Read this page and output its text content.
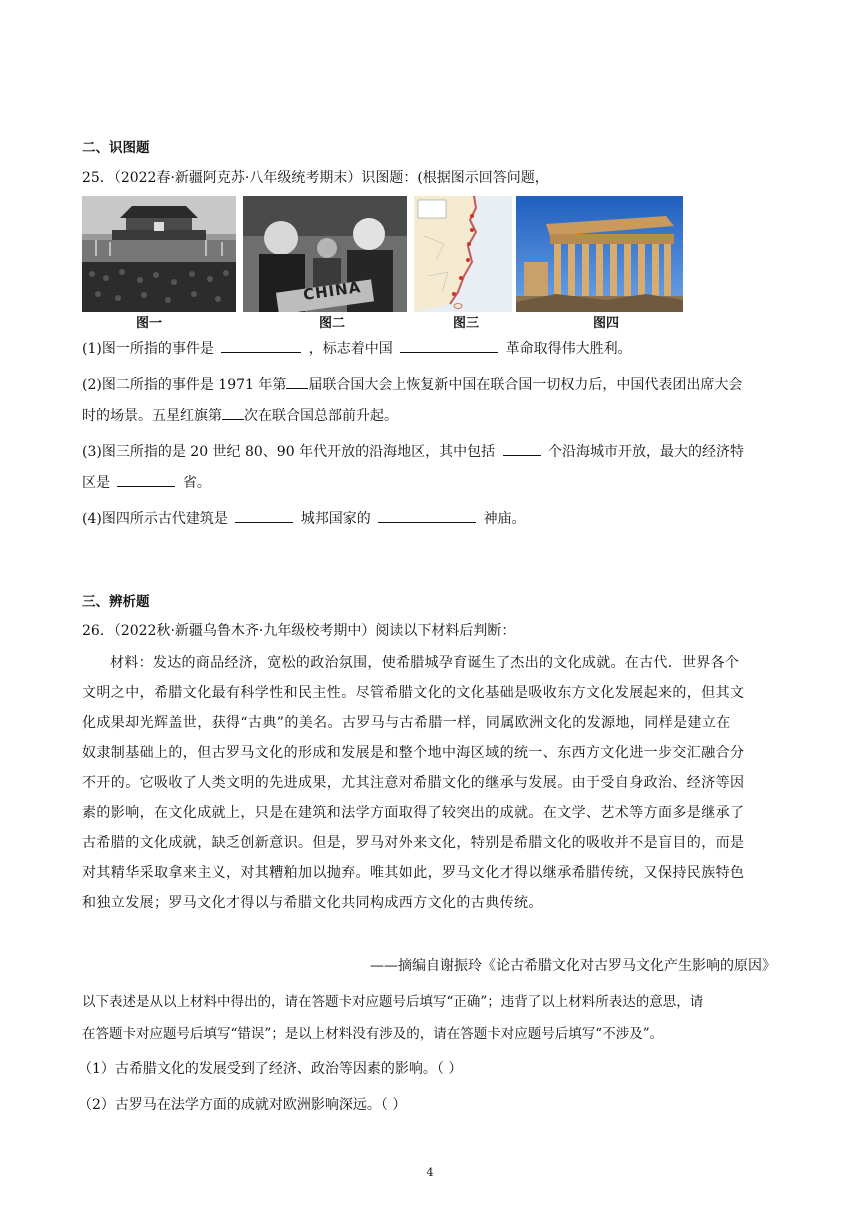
二、识图题
25．（2022春·新疆阿克苏·八年级统考期末）识图题：(根据图示回答问题，
CHINA
图一	图二	图三	图四
(1)图一所指的事件是	，标志着中国	革命取得伟大胜利。
(2)图二所指的事件是 1971 年第 届联合国大会上恢复新中国在联合国一切权力后，中国代表团出席大会
时的场景。五星红旗第 次在联合国总部前升起。
(3)图三所指的是 20 世纪 80、90 年代开放的沿海地区，其中包括	个沿海城市开放，最大的经济特
区是	省。
(4)图四所示古代建筑是	城邦国家的	神庙。
三、辨析题
26．（2022秋·新疆乌鲁木齐·九年级校考期中）阅读以下材料后判断：
材料：发达的商品经济，宽松的政治氛围，使希腊城孕育诞生了杰出的文化成就。在古代．世界各个
文明之中，希腊文化最有科学性和民主性。尽管希腊文化的文化基础是吸收东方文化发展起来的，但其文
化成果却光辉盖世，获得“古典”的美名。古罗马与古希腊一样，同属欧洲文化的发源地，同样是建立在
奴隶制基础上的，但古罗马文化的形成和发展是和整个地中海区域的统一、东西方文化进一步交汇融合分
不开的。它吸收了人类文明的先进成果，尤其注意对希腊文化的继承与发展。由于受自身政治、经济等因
素的影响，在文化成就上，只是在建筑和法学方面取得了较突出的成就。在文学、艺术等方面多是继承了
古希腊的文化成就，缺乏创新意识。但是，罗马对外来文化，特别是希腊文化的吸收并不是盲目的，而是
对其精华采取拿来主义，对其糟粕加以抛弃。唯其如此，罗马文化才得以继承希腊传统，又保持民族特色
和独立发展；罗马文化才得以与希腊文化共同构成西方文化的古典传统。
——摘编自谢振玲《论古希腊文化对古罗马文化产生影响的原因》
以下表述是从以上材料中得出的，请在答题卡对应题号后填写“正确”；违背了以上材料所表达的意思，请
在答题卡对应题号后填写“错误”；是以上材料没有涉及的，请在答题卡对应题号后填写“不涉及”。
（1）古希腊文化的发展受到了经济、政治等因素的影响。（ ）
（2）古罗马在法学方面的成就对欧洲影响深远。（ ）
4
